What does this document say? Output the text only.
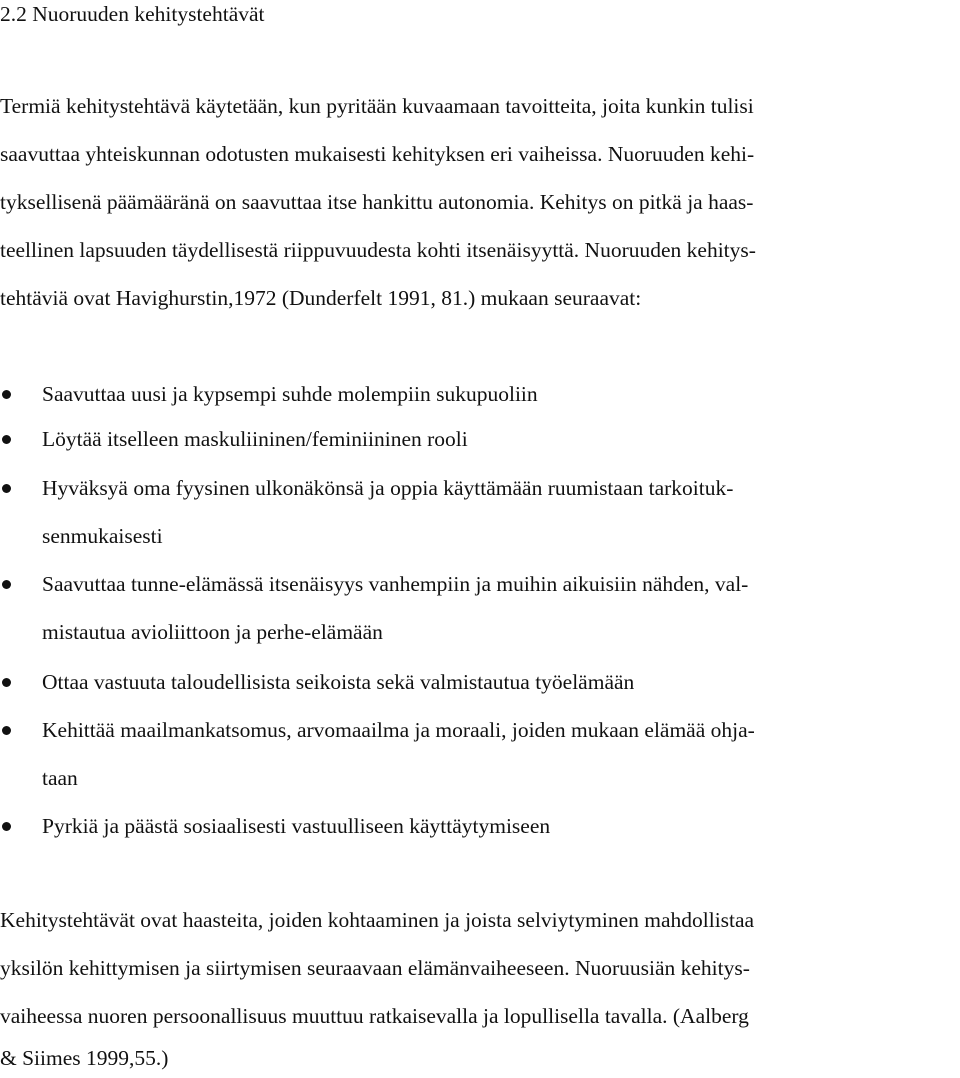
2.2 Nuoruuden kehitystehtävät
Termiä kehitystehtävä käytetään, kun pyritään kuvaamaan tavoitteita, joita kunkin tulisi
saavuttaa yhteiskunnan odotusten mukaisesti kehityksen eri vaiheissa. Nuoruuden kehi-
tyksellisenä päämääränä on saavuttaa itse hankittu autonomia. Kehitys on pitkä ja haas-
teellinen lapsuuden täydellisestä riippuvuudesta kohti itsenäisyyttä. Nuoruuden kehitys-
tehtäviä ovat Havighurstin,1972 (Dunderfelt 1991, 81.) mukaan seuraavat:
Saavuttaa uusi ja kypsempi suhde molempiin sukupuoliin
Löytää itselleen maskuliininen/feminiininen rooli
Hyväksyä oma fyysinen ulkonäkönsä ja oppia käyttämään ruumistaan tarkoituk-
senmukaisesti
Saavuttaa tunne-elämässä itsenäisyys vanhempiin ja muihin aikuisiin nähden, val-
mistautua avioliittoon ja perhe-elämään
Ottaa vastuuta taloudellisista seikoista sekä valmistautua työelämään
Kehittää maailmankatsomus, arvomaailma ja moraali, joiden mukaan elämää ohja-
taan
Pyrkiä ja päästä sosiaalisesti vastuulliseen käyttäytymiseen
Kehitystehtävät ovat haasteita, joiden kohtaaminen ja joista selviytyminen mahdollistaa
yksilön kehittymisen ja siirtymisen seuraavaan elämänvaiheeseen. Nuoruusiän kehitys-
vaiheessa nuoren persoonallisuus muuttuu ratkaisevalla ja lopullisella tavalla. (Aalberg
& Siimes 1999,55.)
